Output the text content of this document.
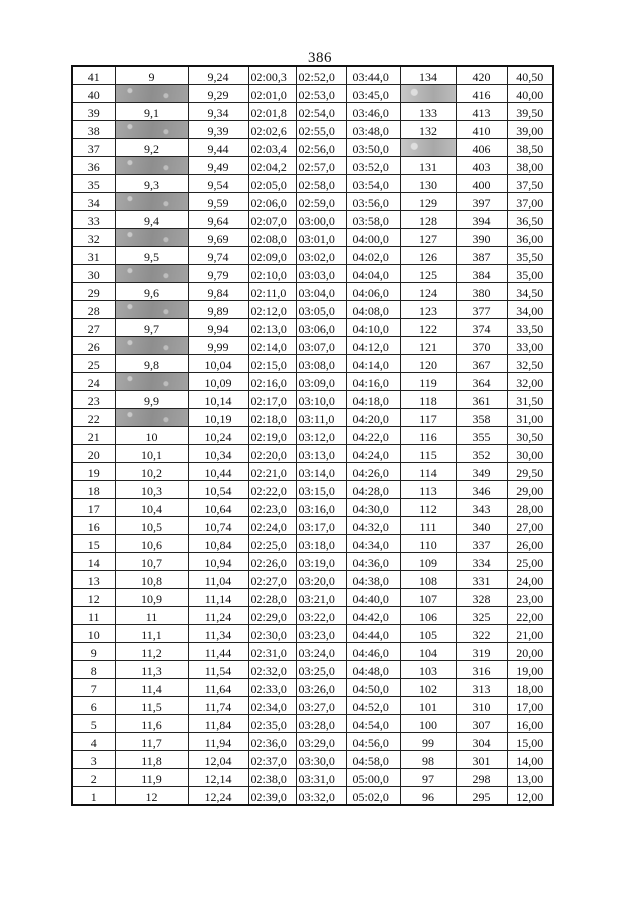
386
41	9	9,24	02:00,3	02:52,0	03:44,0	134	420	40,50
40		9,29	02:01,0	02:53,0	03:45,0		416	40,00
39	9,1	9,34	02:01,8	02:54,0	03:46,0	133	413	39,50
38		9,39	02:02,6	02:55,0	03:48,0	132	410	39,00
37	9,2	9,44	02:03,4	02:56,0	03:50,0		406	38,50
36		9,49	02:04,2	02:57,0	03:52,0	131	403	38,00
35	9,3	9,54	02:05,0	02:58,0	03:54,0	130	400	37,50
34		9,59	02:06,0	02:59,0	03:56,0	129	397	37,00
33	9,4	9,64	02:07,0	03:00,0	03:58,0	128	394	36,50
32		9,69	02:08,0	03:01,0	04:00,0	127	390	36,00
31	9,5	9,74	02:09,0	03:02,0	04:02,0	126	387	35,50
30		9,79	02:10,0	03:03,0	04:04,0	125	384	35,00
29	9,6	9,84	02:11,0	03:04,0	04:06,0	124	380	34,50
28		9,89	02:12,0	03:05,0	04:08,0	123	377	34,00
27	9,7	9,94	02:13,0	03:06,0	04:10,0	122	374	33,50
26		9,99	02:14,0	03:07,0	04:12,0	121	370	33,00
25	9,8	10,04	02:15,0	03:08,0	04:14,0	120	367	32,50
24		10,09	02:16,0	03:09,0	04:16,0	119	364	32,00
23	9,9	10,14	02:17,0	03:10,0	04:18,0	118	361	31,50
22		10,19	02:18,0	03:11,0	04:20,0	117	358	31,00
21	10	10,24	02:19,0	03:12,0	04:22,0	116	355	30,50
20	10,1	10,34	02:20,0	03:13,0	04:24,0	115	352	30,00
19	10,2	10,44	02:21,0	03:14,0	04:26,0	114	349	29,50
18	10,3	10,54	02:22,0	03:15,0	04:28,0	113	346	29,00
17	10,4	10,64	02:23,0	03:16,0	04:30,0	112	343	28,00
16	10,5	10,74	02:24,0	03:17,0	04:32,0	111	340	27,00
15	10,6	10,84	02:25,0	03:18,0	04:34,0	110	337	26,00
14	10,7	10,94	02:26,0	03:19,0	04:36,0	109	334	25,00
13	10,8	11,04	02:27,0	03:20,0	04:38,0	108	331	24,00
12	10,9	11,14	02:28,0	03:21,0	04:40,0	107	328	23,00
11	11	11,24	02:29,0	03:22,0	04:42,0	106	325	22,00
10	11,1	11,34	02:30,0	03:23,0	04:44,0	105	322	21,00
9	11,2	11,44	02:31,0	03:24,0	04:46,0	104	319	20,00
8	11,3	11,54	02:32,0	03:25,0	04:48,0	103	316	19,00
7	11,4	11,64	02:33,0	03:26,0	04:50,0	102	313	18,00
6	11,5	11,74	02:34,0	03:27,0	04:52,0	101	310	17,00
5	11,6	11,84	02:35,0	03:28,0	04:54,0	100	307	16,00
4	11,7	11,94	02:36,0	03:29,0	04:56,0	99	304	15,00
3	11,8	12,04	02:37,0	03:30,0	04:58,0	98	301	14,00
2	11,9	12,14	02:38,0	03:31,0	05:00,0	97	298	13,00
1	12	12,24	02:39,0	03:32,0	05:02,0	96	295	12,00
